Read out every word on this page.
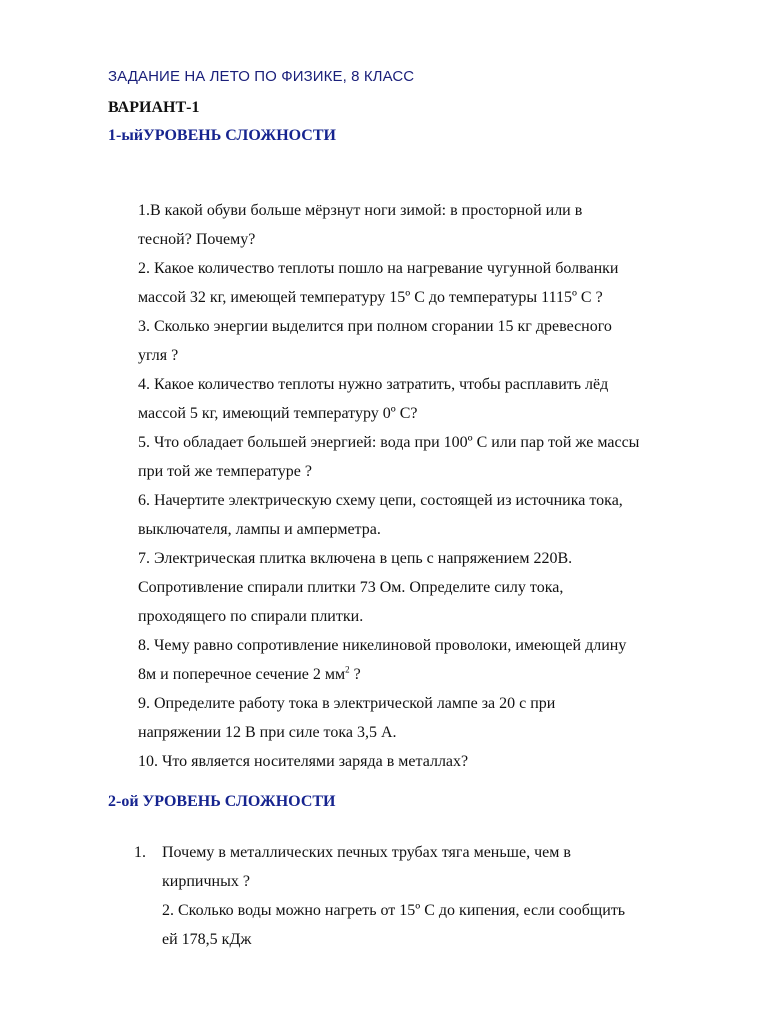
ЗАДАНИЕ НА ЛЕТО ПО ФИЗИКЕ, 8 КЛАСС
ВАРИАНТ-1
1-ыйУРОВЕНЬ СЛОЖНОСТИ
1.В какой обуви больше мёрзнут ноги зимой: в просторной или в
тесной? Почему?
2. Какое количество теплоты пошло на нагревание чугунной болванки
массой 32 кг, имеющей температуру 15º С до температуры 1115º С ?
3. Сколько энергии выделится при полном сгорании 15 кг древесного
угля ?
4. Какое количество теплоты нужно затратить, чтобы расплавить лёд
массой 5 кг, имеющий температуру 0º С?
5. Что обладает большей энергией: вода при 100º С или пар той же массы
при той же температуре ?
6. Начертите электрическую схему цепи, состоящей из источника тока,
выключателя, лампы и амперметра.
7. Электрическая плитка включена в цепь с напряжением 220В.
Сопротивление спирали плитки 73 Ом. Определите силу тока,
проходящего по спирали плитки.
8. Чему равно сопротивление никелиновой проволоки, имеющей длину
8м и поперечное сечение 2 $мм^2$ ?
9. Определите работу тока в электрической лампе за 20 с при
напряжении 12 В при силе тока 3,5 А.
10. Что является носителями заряда в металлах?
2-ой УРОВЕНЬ СЛОЖНОСТИ
1.	Почему в металлических печных трубах тяга меньше, чем в
кирпичных ?
2. Сколько воды можно нагреть от 15º С до кипения, если сообщить
ей 178,5 кДж
